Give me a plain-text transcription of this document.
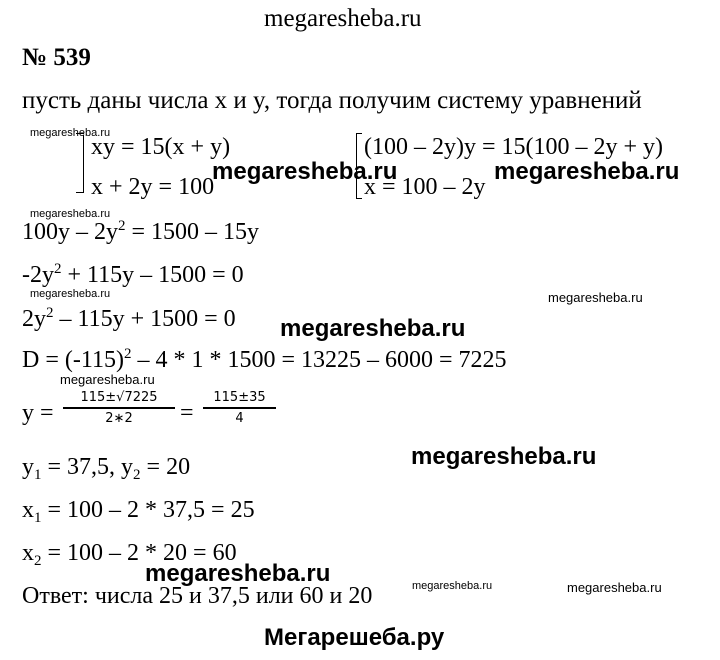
megaresheba.ru
№ 539
пусть даны числа x и y, тогда получим систему уравнений
xy = 15(x + y)
x + 2y = 100
(100 – 2y)y = 15(100 – 2y + y)
x = 100 – 2y
$100y - 2y^2 = 1500 - 15y$
$-2y^2 + 115y - 1500 = 0$
$2y^2 - 115y + 1500 = 0$
$D = (-115)^2 - 4 * 1 * 1500 = 13225 - 6000 = 7225$
y =
115±√7225
2∗2 =
115±35
4
$y_1 = 37,5$, $y_2 = 20$
$x_1 = 100 - 2 * 37,5 = 25$
$x_2 = 100 - 2 * 20 = 60$
Ответ: числа 25 и 37,5 или 60 и 20
megaresheba.ru
megaresheba.ru	megaresheba.ru
megaresheba.ru
megaresheba.ru	megaresheba.ru
megaresheba.ru
megaresheba.ru
megaresheba.ru
megaresheba.ru	megaresheba.ru	megaresheba.ru
Мегарешеба.ру
